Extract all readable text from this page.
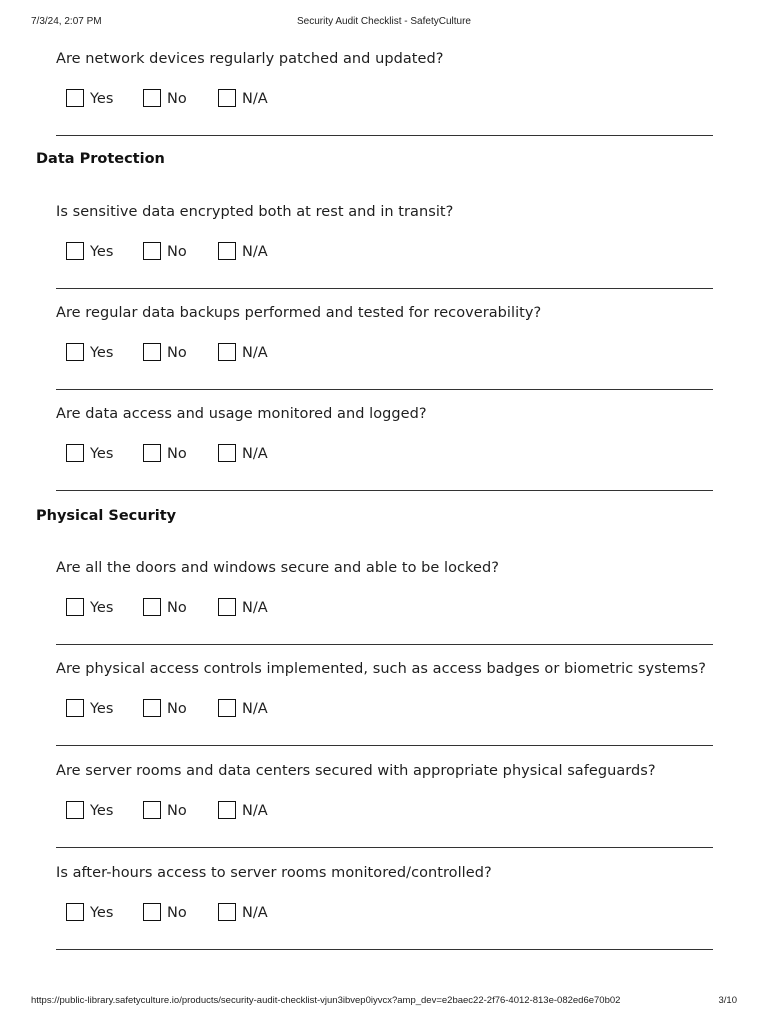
7/3/24, 2:07 PM	Security Audit Checklist - SafetyCulture
Are network devices regularly patched and updated?
Yes	No	N/A
Data Protection
Is sensitive data encrypted both at rest and in transit?
Yes	No	N/A
Are regular data backups performed and tested for recoverability?
Yes	No	N/A
Are data access and usage monitored and logged?
Yes	No	N/A
Physical Security
Are all the doors and windows secure and able to be locked?
Yes	No	N/A
Are physical access controls implemented, such as access badges or biometric systems?
Yes	No	N/A
Are server rooms and data centers secured with appropriate physical safeguards?
Yes	No	N/A
Is after-hours access to server rooms monitored/controlled?
Yes	No	N/A
https://public-library.safetyculture.io/products/security-audit-checklist-vjun3ibvep0iyvcx?amp_dev=e2baec22-2f76-4012-813e-082ed6e70b02	3/10
